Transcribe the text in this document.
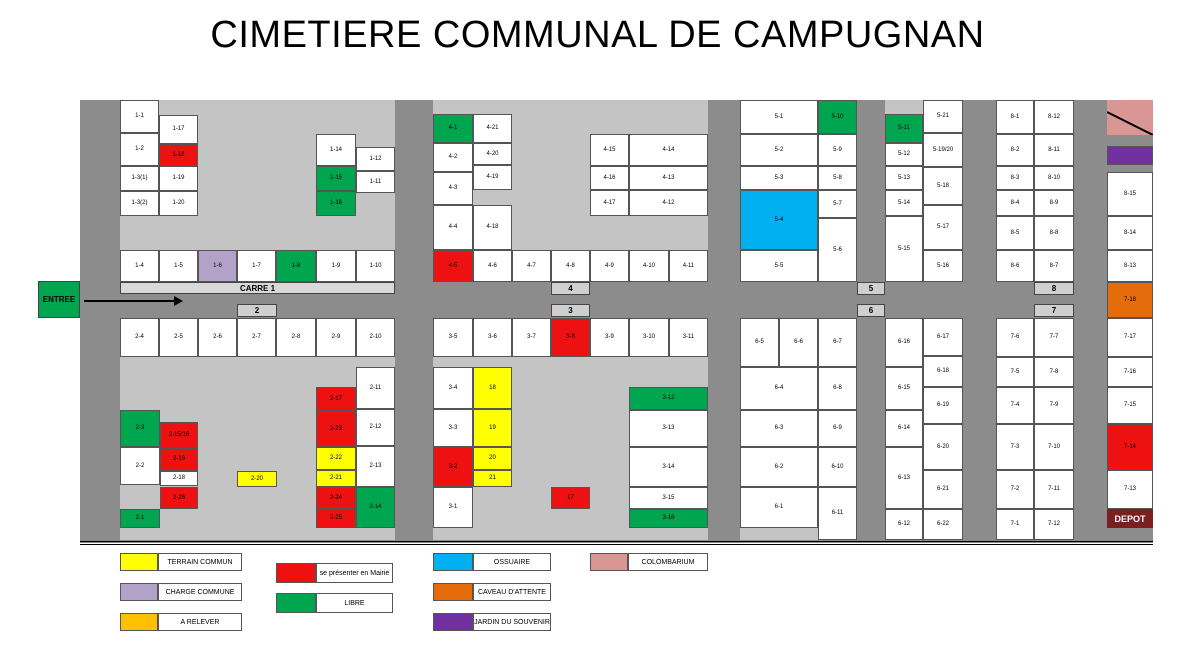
CIMETIERE COMMUNAL DE CAMPUGNAN
1-1
1-17
1-2
1-18
1-3(1)	1-19
1-3(2)	1-20
1-14
1-12
1-15
1-11
1-16
1-4	1-5	1-6	1-7	1-8	1-9	1-10
4-1	4-21
4-2
4-20
4-19
4-3
4-4	4-18
4-15	4-14
4-16	4-13
4-17	4-12
4-5	4-6	4-7	4-8	4-9	4-10	4-11
5-1	5-10
5-2	5-9
5-3	5-8
5-4
5-7
5-6
5-5
5-11
5-21
5-12
5-19/20
5-13
5-18
5-14
5-17
5-15
5-16
8-1	8-12
8-2	8-11
8-3	8-10
8-4	8-9
8-5	8-8
8-6	8-7
8-15
8-14
8-13
2-4	2-5	2-6	2-7	2-8	2-9	2-10
2-11
2-17
2-3
2-15/16
2-23	2-12
2-2
2-19	2-22
2-13
2-18	2-20	2-21
2-26	2-24
2-14
2-1	2-25
3-5	3-6	3-7	3-8	3-9	3-10	3-11
3-4	18
3-3	19
3-2
20
21
3-1
17
3-12
3-13
3-14
3-15
3-16
6-5	6-6	6-7
6-4	6-8
6-3	6-9
6-2	6-10
6-1
6-11
6-16
6-17
6-18
6-15
6-19
6-14
6-20
6-13
6-21
6-12	6-22
7-6
7-5
7-4
7-3
7-2
7-1
7-7
7-8
7-9
7-10
7-11
7-12
7-18
7-17
7-16
7-15
7-14
7-13
ENTREE
CARRE 1
2	3
4	5
6	7
8
DEPOT
TERRAIN COMMUN
CHARGE COMMUNE
A RELEVER
se présenter en Mairie
LIBRE
OSSUAIRE
CAVEAU D'ATTENTE
JARDIN DU SOUVENIR
COLOMBARIUM
